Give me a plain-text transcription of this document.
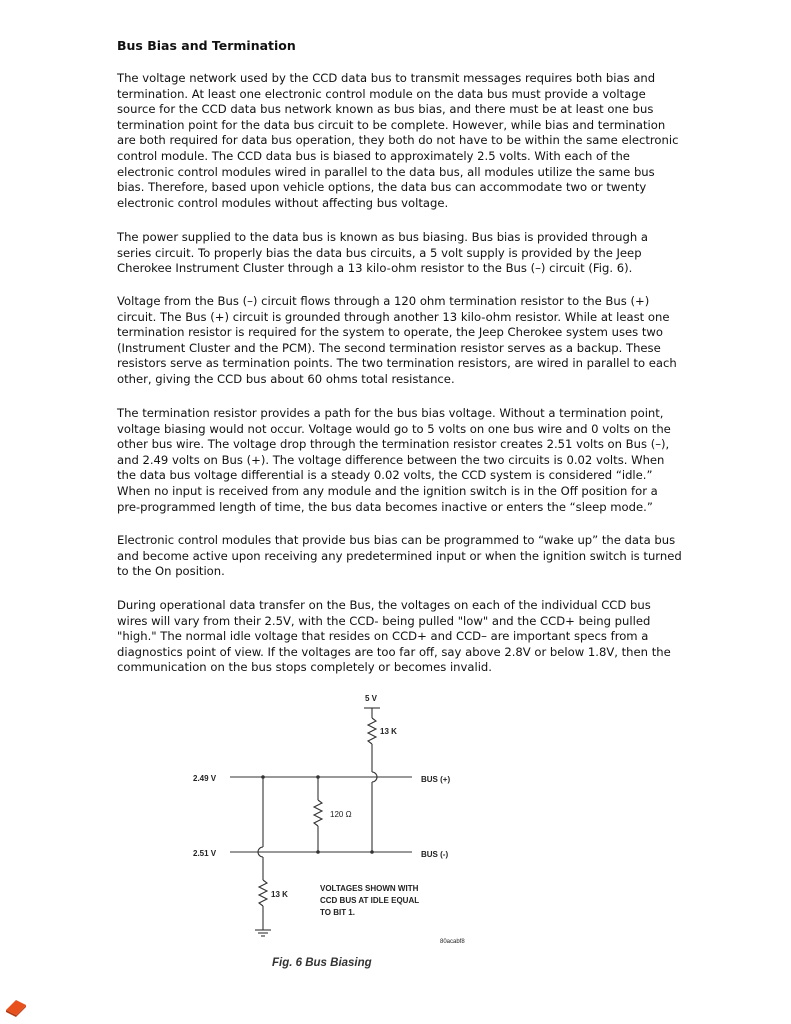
Bus Bias and Termination

The voltage network used by the CCD data bus to transmit messages requires both bias and termination. At least one electronic control module on the data bus must provide a voltage source for the CCD data bus network known as bus bias, and there must be at least one bus termination point for the data bus circuit to be complete. However, while bias and termination are both required for data bus operation, they both do not have to be within the same electronic control module. The CCD data bus is biased to approximately 2.5 volts. With each of the electronic control modules wired in parallel to the data bus, all modules utilize the same bus bias. Therefore, based upon vehicle options, the data bus can accommodate two or twenty electronic control modules without affecting bus voltage.

The power supplied to the data bus is known as bus biasing. Bus bias is provided through a series circuit. To properly bias the data bus circuits, a 5 volt supply is provided by the Jeep Cherokee Instrument Cluster through a 13 kilo-ohm resistor to the Bus (–) circuit (Fig. 6).

Voltage from the Bus (–) circuit flows through a 120 ohm termination resistor to the Bus (+) circuit. The Bus (+) circuit is grounded through another 13 kilo-ohm resistor. While at least one termination resistor is required for the system to operate, the Jeep Cherokee system uses two (Instrument Cluster and the PCM). The second termination resistor serves as a backup. These resistors serve as termination points. The two termination resistors, are wired in parallel to each other, giving the CCD bus about 60 ohms total resistance.

The termination resistor provides a path for the bus bias voltage. Without a termination point, voltage biasing would not occur. Voltage would go to 5 volts on one bus wire and 0 volts on the other bus wire. The voltage drop through the termination resistor creates 2.51 volts on Bus (–), and 2.49 volts on Bus (+). The voltage difference between the two circuits is 0.02 volts. When the data bus voltage differential is a steady 0.02 volts, the CCD system is considered “idle.” When no input is received from any module and the ignition switch is in the Off position for a pre-programmed length of time, the bus data becomes inactive or enters the “sleep mode.”

Electronic control modules that provide bus bias can be programmed to “wake up” the data bus and become active upon receiving any predetermined input or when the ignition switch is turned to the On position.

During operational data transfer on the Bus, the voltages on each of the individual CCD bus wires will vary from their 2.5V, with the CCD- being pulled "low" and the CCD+ being pulled "high." The normal idle voltage that resides on CCD+ and CCD– are important specs from a diagnostics point of view. If the voltages are too far off, say above 2.8V or below 1.8V, then the communication on the bus stops completely or becomes invalid.

5 V
13 K
2.49 V	BUS (+)
120 Ω
2.51 V	BUS (-)
13 K
VOLTAGES SHOWN WITH
CCD BUS AT IDLE EQUAL
TO BIT 1.
80acabf8

Fig. 6 Bus Biasing
